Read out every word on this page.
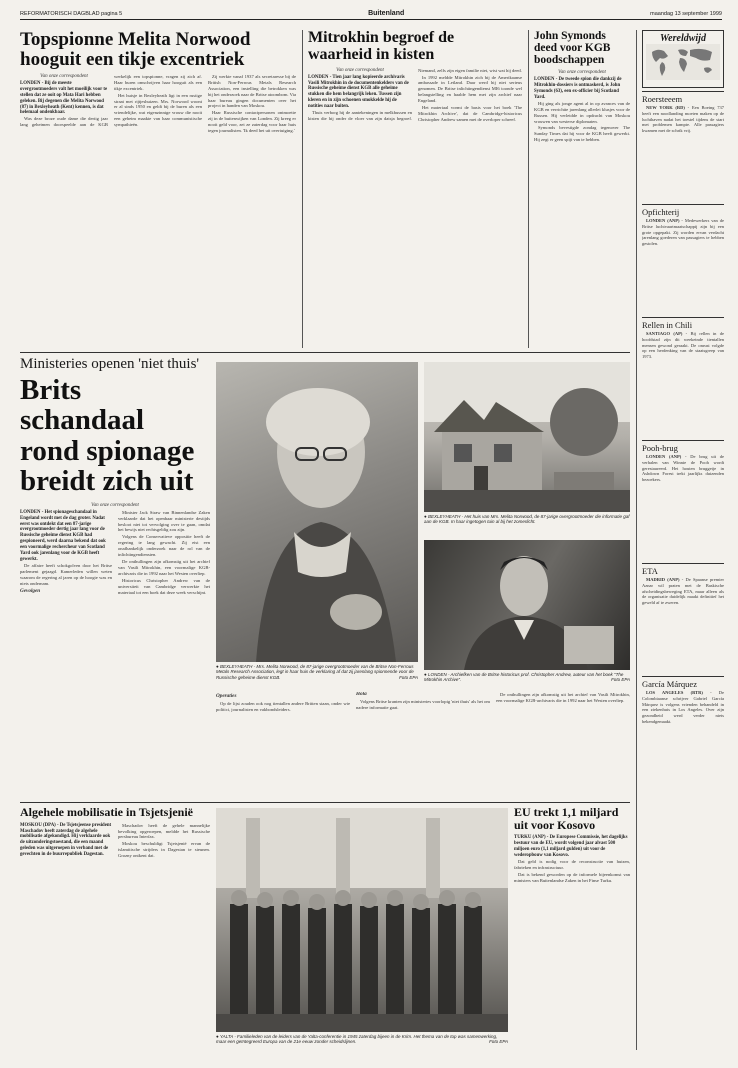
REFORMATORISCH DAGBLAD pagina 5	Buitenland	maandag 13 september 1999
Topspionne Melita Norwood hooguit een tikje excentriek
Van onze correspondent
LONDEN - Bij de meeste overgrootmoeders valt het moeilijk voor te stellen dat ze ooit op Mata Hari hebben geleken. Bij degenen die Melita Norwood (87) in Bexleyheath (Kent) kennen, is dat helemaal ondenkbaar.

Was deze broze oude dame die dertig jaar lang geheimen doorspeelde aan de KGB werkelijk een topspionne, vragen zij zich af. Haar buren omschrijven haar hooguit als een tikje excentriek.

Het huisje in Bexleyheath ligt in een rustige straat met rijtjeshuizen. Mrs. Norwood woont er al sinds 1950 en geldt bij de buren als een vriendelijke, wat eigenzinnige vrouw die nooit een geheim maakte van haar communistische sympathieën.

Zij werkte vanaf 1937 als secretaresse bij de British Non-Ferrous Metals Research Association, een instelling die betrokken was bij het onderzoek naar de Britse atoombom. Via haar bureau gingen documenten over het project in handen van Moskou.

Haar Russische contactpersonen ontmoette zij in de buitenwijken van Londen. Zij kreeg er nooit geld voor, zei ze zaterdag voor haar huis tegen journalisten. 'Ik deed het uit overtuiging.'

Mitrokhin begroef de waarheid in kisten
Van onze correspondent
LONDEN - Tien jaar lang kopieerde archivaris Vasili Mitrokhin in de documentenkelders van de Russische geheime dienst KGB alle geheime stukken die hem belangrijk leken. Tussen zijn kleren en in zijn schoenen smokkelde hij de notities naar buiten.

Thuis verborg hij de aantekeningen in melkbussen en kisten die hij onder de vloer van zijn datsja begroef. Niemand, zelfs zijn eigen familie niet, wist wat hij deed.

In 1992 meldde Mitrokhin zich bij de Amerikaanse ambassade in Letland. Daar werd hij niet serieus genomen. De Britse inlichtingendienst MI6 toonde wel belangstelling en haalde hem met zijn archief naar Engeland.

Het materiaal vormt de basis voor het boek 'The Mitrokhin Archive', dat de Cambridge-historicus Christopher Andrew samen met de overloper schreef.

John Symonds deed voor KGB boodschappen
Van onze correspondent
LONDEN - De tweede spion die dankzij de Mitrokhin-dossiers is ontmaskerd, is John Symonds (63), een ex-officier bij Scotland Yard.

Hij ging als jonge agent al in op avances van de KGB en verrichtte jarenlang allerlei klusjes voor de Russen. Hij verleidde in opdracht van Moskou vrouwen van westerse diplomaten.

Symonds bevestigde zondag tegenover The Sunday Times dat hij voor de KGB heeft gewerkt. Hij zegt er geen spijt van te hebben.

Wereldwijd
Roersteeem

NEW YORK (RD) - Een Boeing 737 heeft een noodlanding moeten maken op de luchthaven nadat het toestel tijdens de start met problemen kampte. Alle passagiers kwamen met de schrik vrij.

Opfichterij

LONDEN (ANP) - Medewerkers van de Britse luchtvaartmaatschappij zijn bij een grote opgepakt. Zij worden ervan verdacht jarenlang goederen van passagiers te hebben gestolen.

Rellen in Chili

SANTIAGO (AP) - Bij rellen in de hoofdstad zijn dit weekeinde tientallen mensen gewond geraakt. De onrust volgde op een herdenking van de staatsgreep van 1973.

Pooh-brug

LONDEN (ANP) - De brug uit de verhalen van Winnie de Pooh wordt gerestaureerd. Het houten bruggetje in Ashdown Forest trekt jaarlijks duizenden bezoekers.

ETA

MADRID (ANP) - De Spaanse premier Aznar wil praten met de Baskische afscheidingsbeweging ETA, maar alleen als de organisatie duidelijk maakt definitief het geweld af te zweren.

García Márquez

LOS ANGELES (RTR) - De Colombiaanse schrijver Gabriel García Márquez is volgens vrienden behandeld in een ziekenhuis in Los Angeles. Over zijn gezondheid werd verder niets bekendgemaakt.

Ministeries openen 'niet thuis'
Brits schandaal rond spionage breidt zich uit
Van onze correspondent
LONDEN - Het spionageschandaal in Engeland wordt met de dag groter. Nadat eerst was ontdekt dat een 87-jarige overgrootmoeder dertig jaar lang voor de Russische geheime dienst KGB had gespioneerd, werd daarna bekend dat ook een voormalige rechercheur van Scotland Yard ook jarenlang voor de KGB heeft gewerkt.

De affaire heeft schokgolven door het Britse parlement gejaagd. Kamerleden willen weten waarom de regering al jaren op de hoogte was en niets ondernam.

Gevolgen

Minister Jack Straw van Binnenlandse Zaken verklaarde dat het openbaar ministerie destijds besloot niet tot vervolging over te gaan, omdat het bewijs niet rechtsgeldig zou zijn.

Volgens de Conservatieve oppositie heeft de regering te lang gewacht. Zij eist een onafhankelijk onderzoek naar de rol van de inlichtingendiensten.

De onthullingen zijn afkomstig uit het archief van Vasili Mitrokhin, een voormalige KGB-archivaris die in 1992 naar het Westen overliep.

Historicus Christopher Andrew van de universiteit van Cambridge verwerkte het materiaal tot een boek dat deze week verschijnt.

● BEXLEYHEATH - Mrs. Melita Norwood, de 87-jarige overgrootmoeder van de Britse Non-Ferrous Metals Research Association, legt in haar huis de verklaring af dat zij jarenlang spionnende voor de Russische geheime dienst KGB.	Foto EPA
● BEXLEYHEATH - Het huis van Mrs. Melita Norwood, de 87-jarige overgrootmoeder die informatie gaf aan de KGB. In haar ingetogen tuin al bij het zomerlicht.
● LONDEN - Archiefken van de Britse historicus prof. Christopher Andrew, auteur van het boek "The Mitrokhin Archive".	Foto EPA
Operaties

Op de lijst zouden ook nog tientallen andere Britten staan, onder wie politici, journalisten en vakbondsleiders.

Hola

Volgens Britse kranten zijn ministeries voorlopig 'niet thuis' als het om nadere informatie gaat.

De onthullingen zijn afkomstig uit het archief van Vasili Mitrokhin, een voormalige KGB-archivaris die in 1992 naar het Westen overliep.

Algehele mobilisatie in Tsjetsjenië
MOSKOU (DPA) - De Tsjetsjeense president Maschadov heeft zaterdag de algehele mobilisatie afgekondigd. Hij verklaarde ook de uitzonderingstoestand, die een maand geleden was uitgeroepen in verband met de gevechten in de buurrepubliek Dagestan.

Maschadov heeft de gehele mannelijke bevolking opgeroepen, meldde het Russische persbureau Interfax.

Moskou beschuldigt Tsjetsjenië ervan de islamitische strijders in Dagestan te steunen. Grozny ontkent dat.

● YALTA - Familieleden van de leiders van de Yalta-conferentie in 1945 zaterdag bijeen in de Krim. Het thema van de top was samenwerking, maar een geïntegreerd Europa van de 21e eeuw zonder scheidslijnen.	Foto EPA
EU trekt 1,1 miljard uit voor Kosovo
TURKU (ANP) - De Europese Commissie, het dagelijks bestuur van de EU, wordt volgend jaar alvast 500 miljoen euro (1,1 miljard gulden) uit voor de wederopbouw van Kosovo.

Dat geld is nodig voor de reconstructie van huizen, fabrieken en infrastructuur.

Dat is bekend geworden op de informele bijeenkomst van ministers van Buitenlandse Zaken in het Finse Turku.
